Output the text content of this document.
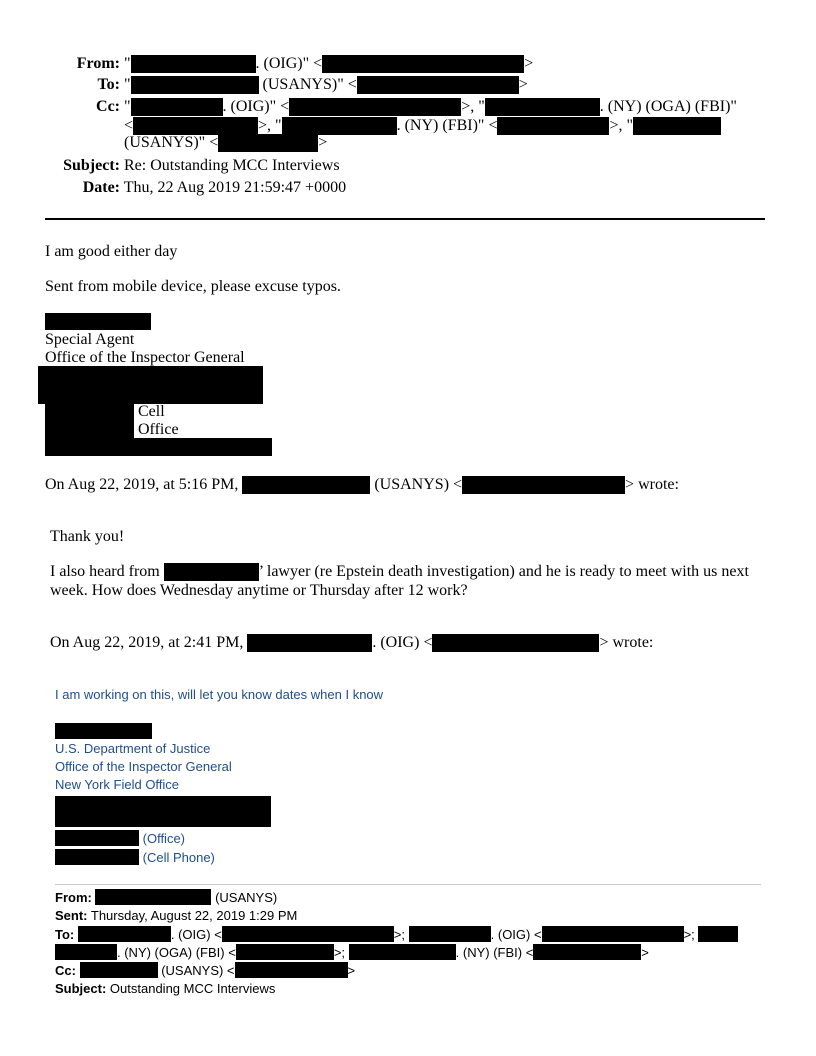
From: "	. (OIG)" <	>
To: "	(USANYS)" <	>
Cc: "	. (OIG)" <	>, "	. (NY) (OGA) (FBI)"
<	>, "	. (NY) (FBI)" <	>, "
(USANYS)" <	>
Subject: Re: Outstanding MCC Interviews
Date: Thu, 22 Aug 2019 21:59:47 +0000
I am good either day
Sent from mobile device, please excuse typos.
Special Agent
Office of the Inspector General
Cell
Office
On Aug 22, 2019, at 5:16 PM,	(USANYS) <	> wrote:
Thank you!
I also heard from	’ lawyer (re Epstein death investigation) and he is ready to meet with us next
week. How does Wednesday anytime or Thursday after 12 work?
On Aug 22, 2019, at 2:41 PM,	. (OIG) <	> wrote:
I am working on this, will let you know dates when I know
U.S. Department of Justice
Office of the Inspector General
New York Field Office
(Office)
(Cell Phone)
From:	(USANYS)
Sent: Thursday, August 22, 2019 1:29 PM
To:	. (OIG) <	>;	. (OIG) <	>;
. (NY) (OGA) (FBI) <	>;	. (NY) (FBI) <	>
Cc:	(USANYS) <	>
Subject: Outstanding MCC Interviews
